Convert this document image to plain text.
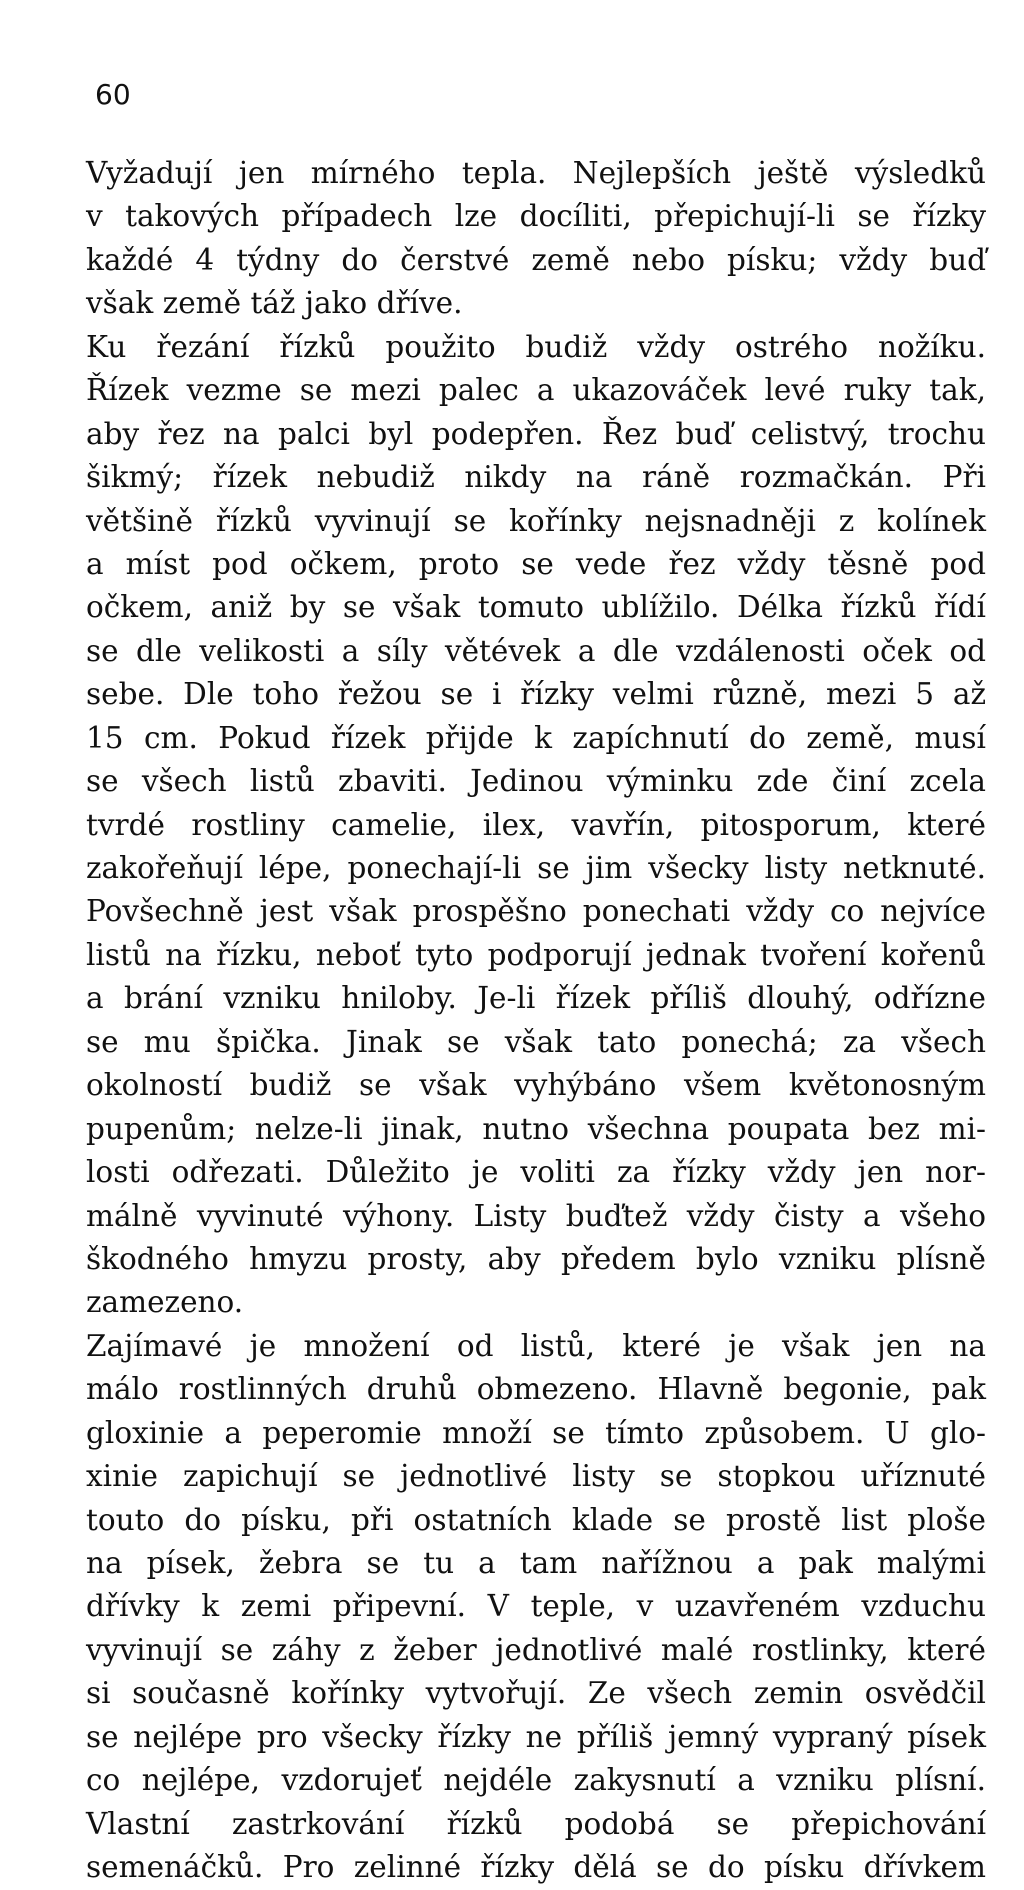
60
Vyžadují jen mírného tepla. Nejlepších ještě výsledků
v takových případech lze docíliti, přepichují-li se řízky
každé 4 týdny do čerstvé země nebo písku; vždy buď
však země táž jako dříve.
Ku řezání řízků použito budiž vždy ostrého nožíku.
Řízek vezme se mezi palec a ukazováček levé ruky tak,
aby řez na palci byl podepřen. Řez buď celistvý, trochu
šikmý; řízek nebudiž nikdy na ráně rozmačkán. Při
většině řízků vyvinují se kořínky nejsnadněji z kolínek
a míst pod očkem, proto se vede řez vždy těsně pod
očkem, aniž by se však tomuto ublížilo. Délka řízků řídí
se dle velikosti a síly větévek a dle vzdálenosti oček od
sebe. Dle toho řežou se i řízky velmi různě, mezi 5 až
15 cm. Pokud řízek přijde k zapíchnutí do země, musí
se všech listů zbaviti. Jedinou výminku zde činí zcela
tvrdé rostliny camelie, ilex, vavřín, pitosporum, které
zakořeňují lépe, ponechají-li se jim všecky listy netknuté.
Povšechně jest však prospěšno ponechati vždy co nejvíce
listů na řízku, neboť tyto podporují jednak tvoření kořenů
a brání vzniku hniloby. Je-li řízek příliš dlouhý, odřízne
se mu špička. Jinak se však tato ponechá; za všech
okolností budiž se však vyhýbáno všem květonosným
pupenům; nelze-li jinak, nutno všechna poupata bez mi-
losti odřezati. Důležito je voliti za řízky vždy jen nor-
málně vyvinuté výhony. Listy buďtež vždy čisty a všeho
škodného hmyzu prosty, aby předem bylo vzniku plísně
zamezeno.
Zajímavé je množení od listů, které je však jen na
málo rostlinných druhů obmezeno. Hlavně begonie, pak
gloxinie a peperomie množí se tímto způsobem. U glo-
xinie zapichují se jednotlivé listy se stopkou uříznuté
touto do písku, při ostatních klade se prostě list ploše
na písek, žebra se tu a tam nařížnou a pak malými
dřívky k zemi připevní. V teple, v uzavřeném vzduchu
vyvinují se záhy z žeber jednotlivé malé rostlinky, které
si současně kořínky vytvořují. Ze všech zemin osvědčil
se nejlépe pro všecky řízky ne příliš jemný vypraný písek
co nejlépe, vzdorujeť nejdéle zakysnutí a vzniku plísní.
Vlastní zastrkování řízků podobá se přepichování
semenáčků. Pro zelinné řízky dělá se do písku dřívkem
